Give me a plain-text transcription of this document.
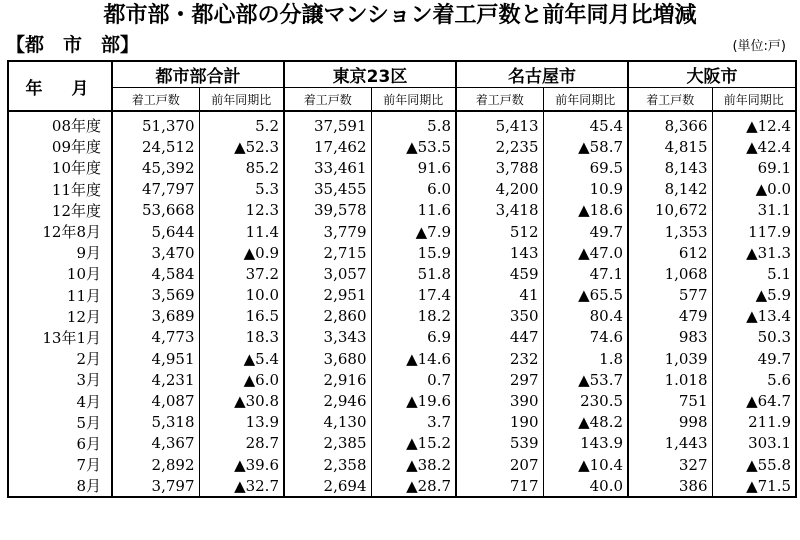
都市部・都心部の分譲マンション着工戸数と前年同月比増減
【都　市　部】	(単位:戸)
年　月	都市部合計		東京23区		名古屋市		大阪市	
	着工戸数	前年同期比	着工戸数	前年同期比	着工戸数	前年同期比	着工戸数	前年同期比
08年度	51,370	5.2	37,591	5.8	5,413	45.4	8,366	▲12.4
09年度	24,512	▲52.3	17,462	▲53.5	2,235	▲58.7	4,815	▲42.4
10年度	45,392	85.2	33,461	91.6	3,788	69.5	8,143	69.1
11年度	47,797	5.3	35,455	6.0	4,200	10.9	8,142	▲0.0
12年度	53,668	12.3	39,578	11.6	3,418	▲18.6	10,672	31.1
12年8月	5,644	11.4	3,779	▲7.9	512	49.7	1,353	117.9
9月	3,470	▲0.9	2,715	15.9	143	▲47.0	612	▲31.3
10月	4,584	37.2	3,057	51.8	459	47.1	1,068	5.1
11月	3,569	10.0	2,951	17.4	41	▲65.5	577	▲5.9
12月	3,689	16.5	2,860	18.2	350	80.4	479	▲13.4
13年1月	4,773	18.3	3,343	6.9	447	74.6	983	50.3
2月	4,951	▲5.4	3,680	▲14.6	232	1.8	1,039	49.7
3月	4,231	▲6.0	2,916	0.7	297	▲53.7	1.018	5.6
4月	4,087	▲30.8	2,946	▲19.6	390	230.5	751	▲64.7
5月	5,318	13.9	4,130	3.7	190	▲48.2	998	211.9
6月	4,367	28.7	2,385	▲15.2	539	143.9	1,443	303.1
7月	2,892	▲39.6	2,358	▲38.2	207	▲10.4	327	▲55.8
8月	3,797	▲32.7	2,694	▲28.7	717	40.0	386	▲71.5
